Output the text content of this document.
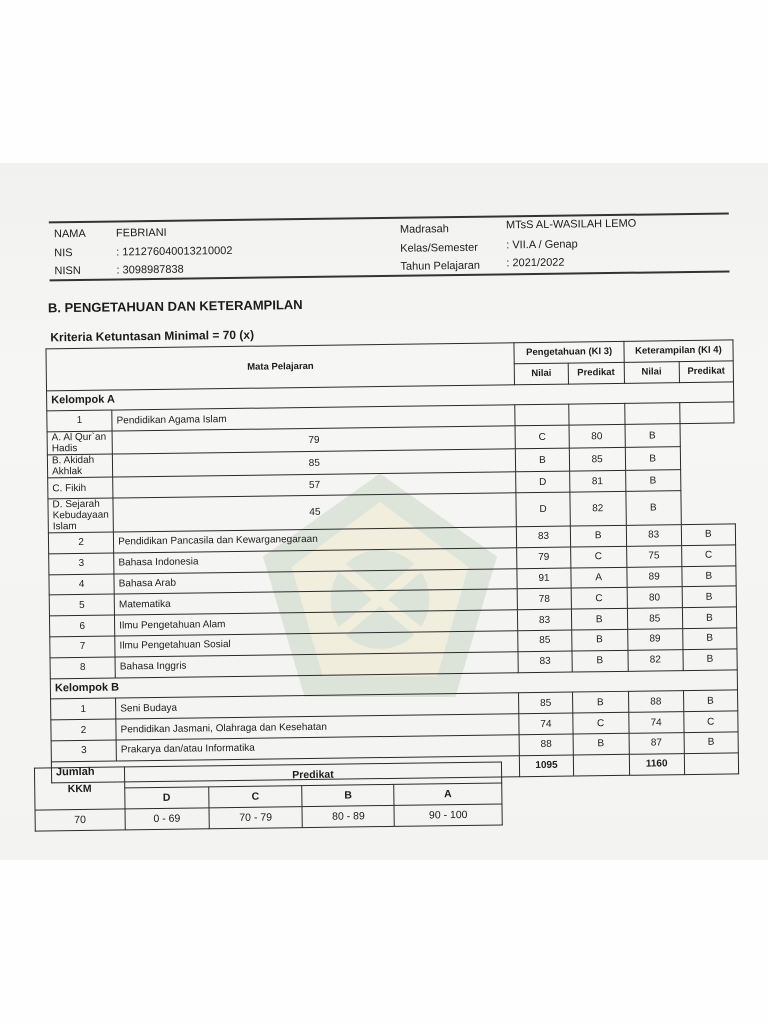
NAMA	FEBRIANI
NIS	: 121276040013210002
NISN	: 3098987838
Madrasah	MTsS AL-WASILAH LEMO
Kelas/Semester	: VII.A / Genap
Tahun Pelajaran : 2021/2022
B. PENGETAHUAN DAN KETERAMPILAN
Kriteria Ketuntasan Minimal = 70 (x)
Mata Pelajaran		Pengetahuan (KI 3)		Keterampilan (KI 4)	
		Nilai	Predikat	Nilai	Predikat
Kelompok A					
1	Pendidikan Agama Islam				
A. Al Qur`an Hadis	79	C	80	B	
B. Akidah Akhlak	85	B	85	B	
C. Fikih	57	D	81	B	
D. Sejarah Kebudayaan Islam	45	D	82	B	
2	Pendidikan Pancasila dan Kewarganegaraan	83	B	83	B
3	Bahasa Indonesia	79	C	75	C
4	Bahasa Arab	91	A	89	B
5	Matematika	78	C	80	B
6	Ilmu Pengetahuan Alam	83	B	85	B
7	Ilmu Pengetahuan Sosial	85	B	89	B
8	Bahasa Inggris	83	B	82	B
Kelompok B					
1	Seni Budaya	85	B	88	B
2	Pendidikan Jasmani, Olahraga dan Kesehatan	74	C	74	C
3	Prakarya dan/atau Informatika	88	B	87	B
Jumlah		1095		1160	
KKM	Predikat			
	D	C	B	A
70	0 - 69	70 - 79	80 - 89	90 - 100
